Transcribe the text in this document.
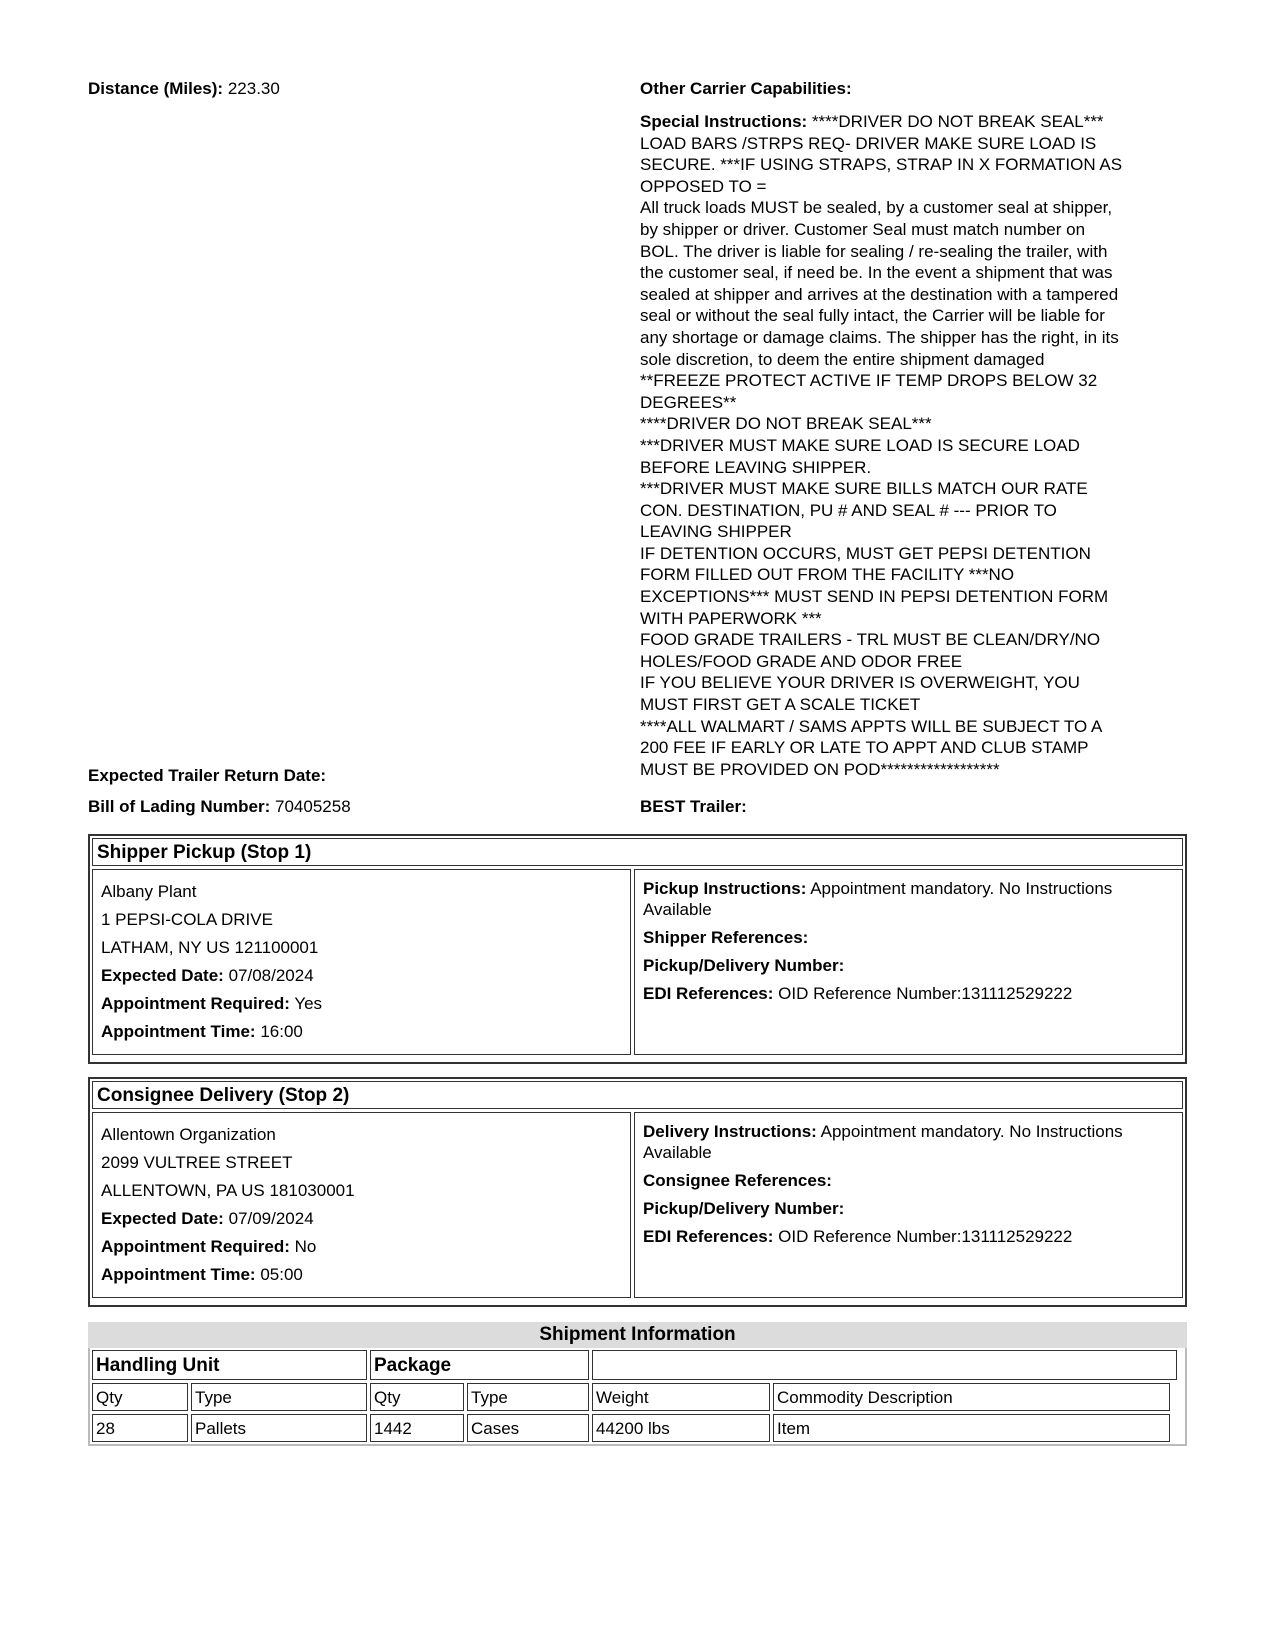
Distance (Miles): 223.30	Other Carrier Capabilities:
Special Instructions: ****DRIVER DO NOT BREAK SEAL***
LOAD BARS /STRPS REQ- DRIVER MAKE SURE LOAD IS
SECURE. ***IF USING STRAPS, STRAP IN X FORMATION AS
OPPOSED TO =
All truck loads MUST be sealed, by a customer seal at shipper,
by shipper or driver. Customer Seal must match number on
BOL. The driver is liable for sealing / re-sealing the trailer, with
the customer seal, if need be. In the event a shipment that was
sealed at shipper and arrives at the destination with a tampered
seal or without the seal fully intact, the Carrier will be liable for
any shortage or damage claims. The shipper has the right, in its
sole discretion, to deem the entire shipment damaged
**FREEZE PROTECT ACTIVE IF TEMP DROPS BELOW 32
DEGREES**
****DRIVER DO NOT BREAK SEAL***
***DRIVER MUST MAKE SURE LOAD IS SECURE LOAD
BEFORE LEAVING SHIPPER.
***DRIVER MUST MAKE SURE BILLS MATCH OUR RATE
CON. DESTINATION, PU # AND SEAL # --- PRIOR TO
LEAVING SHIPPER
IF DETENTION OCCURS, MUST GET PEPSI DETENTION
FORM FILLED OUT FROM THE FACILITY ***NO
EXCEPTIONS*** MUST SEND IN PEPSI DETENTION FORM
WITH PAPERWORK ***
FOOD GRADE TRAILERS - TRL MUST BE CLEAN/DRY/NO
HOLES/FOOD GRADE AND ODOR FREE
IF YOU BELIEVE YOUR DRIVER IS OVERWEIGHT, YOU
MUST FIRST GET A SCALE TICKET
****ALL WALMART / SAMS APPTS WILL BE SUBJECT TO A
200 FEE IF EARLY OR LATE TO APPT AND CLUB STAMP
MUST BE PROVIDED ON POD******************
Expected Trailer Return Date:
Bill of Lading Number: 70405258	BEST Trailer:
Shipper Pickup (Stop 1)
Albany Plant
1 PEPSI-COLA DRIVE
LATHAM, NY US 121100001
Expected Date: 07/08/2024
Appointment Required: Yes
Appointment Time: 16:00
Pickup Instructions: Appointment mandatory. No Instructions
Available
Shipper References:
Pickup/Delivery Number:
EDI References: OID Reference Number:131112529222
Consignee Delivery (Stop 2)
Allentown Organization
2099 VULTREE STREET
ALLENTOWN, PA US 181030001
Expected Date: 07/09/2024
Appointment Required: No
Appointment Time: 05:00
Delivery Instructions: Appointment mandatory. No Instructions
Available
Consignee References:
Pickup/Delivery Number:
EDI References: OID Reference Number:131112529222
Shipment Information
Handling Unit	Package
Qty	Type	Qty	Type	Weight	Commodity Description
28	Pallets	1442	Cases	44200 lbs	Item
